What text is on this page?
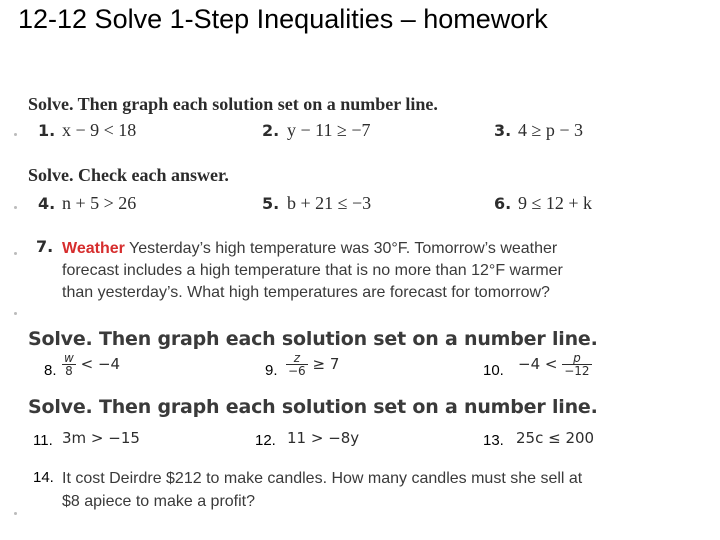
12-12 Solve 1-Step Inequalities – homework
Solve. Then graph each solution set on a number line.
1. x − 9 < 18	2. y − 11 ≥ −7	3. 4 ≥ p − 3
Solve. Check each answer.
4. n + 5 > 26	5. b + 21 ≤ −3	6. 9 ≤ 12 + k
7. Weather Yesterday’s high temperature was 30°F. Tomorrow’s weather
forecast includes a high temperature that is no more than 12°F warmer
than yesterday’s. What high temperatures are forecast for tomorrow?
Solve. Then graph each solution set on a number line.
8. $\frac{w}{8} < -4$	9. $\frac{z}{-6} \ge 7$	10. $-4 < \frac{p}{-12}$
Solve. Then graph each solution set on a number line.
11. 3m > −15	12. 11 > −8y	13. 25c ≤ 200
14. It cost Deirdre $212 to make candles. How many candles must she sell at
$8 apiece to make a profit?
